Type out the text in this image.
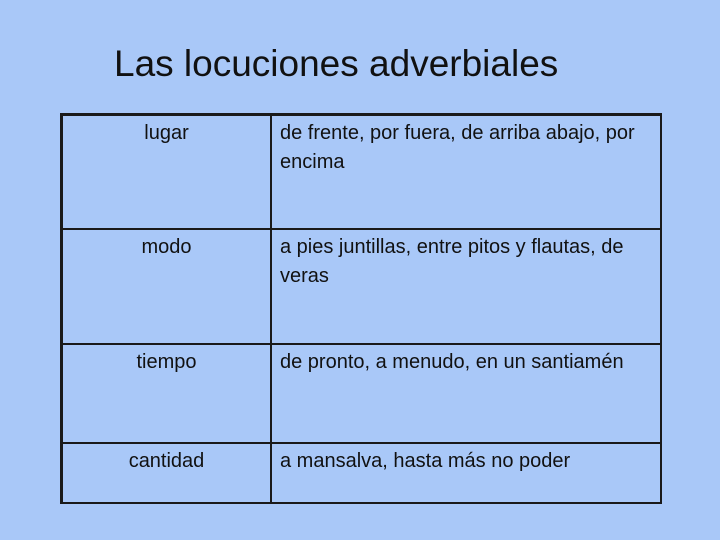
Las locuciones adverbiales
lugar	de frente, por fuera, de arriba abajo, por encima
modo	a pies juntillas, entre pitos y flautas, de veras
tiempo	de pronto, a menudo, en un santiamén
cantidad	a mansalva, hasta más no poder
